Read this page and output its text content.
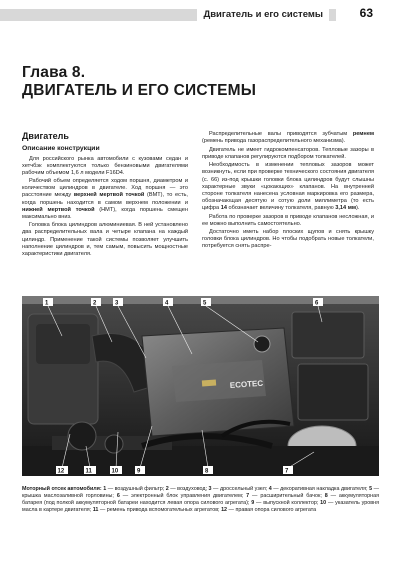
Двигатель и его системы	63
Глава 8.
ДВИГАТЕЛЬ И ЕГО СИСТЕМЫ
Двигатель
Описание конструкции

Для российского рынка автомобили с кузовами седан и хетчбэк комплектуются только бензиновыми двигателями рабочим объемом 1,6 л модели F16D4.

Рабочий объем определяется ходом поршня, диаметром и количеством цилиндров в двигателе. Ход поршня — это расстояние между верхней мертвой точкой (ВМТ), то есть, когда поршень находится в самом верхнем положении и нижней мертвой точкой (НМТ), когда поршень смещен максимально вниз.

Головка блока цилиндров алюминиевая. В ней установлено два распределительных вала и четыре клапана на каждый цилиндр. Применение такой системы позволяет улучшить наполнение цилиндров и, тем самым, повысить мощностные характеристики двигателя.

Распределительные валы приводятся зубчатым ремнем (ремень привода газораспределительного механизма).

Двигатель не имеет гидрокомпенсаторов. Тепловые зазоры в приводе клапанов регулируются подбором толкателей.

Необходимость в изменении тепловых зазоров может возникнуть, если при проверке технического состояния двигателя (с. 66) из-под крышки головки блока цилиндров будут слышны характерные звуки «цокающих» клапанов. На внутренней стороне толкателя нанесена условная маркировка его размера, обозначающая десятую и сотую доли миллиметра (то есть цифра 14 обозначает величину толкателя, равную 3,14 мм).

Работа по проверке зазоров в приводе клапанов несложная, и ее можно выполнить самостоятельно.

Достаточно иметь набор плоских щупов и снять крышку головки блока цилиндров. Но чтобы подобрать новые толкатели, потребуется снять распре-

ECOTEC
1	2	3	4	5	6
12	11	10	9	8	7
Моторный отсек автомобиля: 1 — воздушный фильтр; 2 — воздуховод; 3 — дроссельный узел; 4 — декоративная накладка двигателя; 5 — крышка маслозаливной горловины; 6 — электронный блок управления двигателем; 7 — расширительный бачок; 8 — аккумуляторная батарея (под полкой аккумуляторной батареи находится левая опора силового агрегата); 9 — выпускной коллектор; 10 — указатель уровня масла в картере двигателя; 11 — ремень привода вспомогательных агрегатов; 12 — правая опора силового агрегата
